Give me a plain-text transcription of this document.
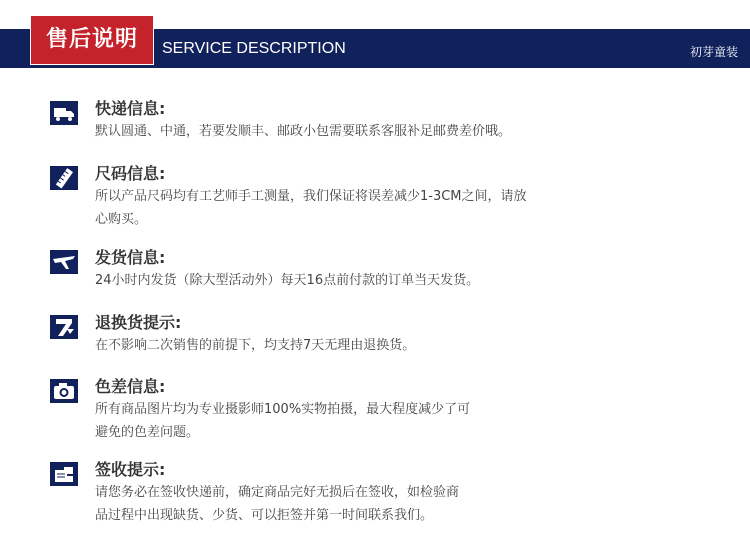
售后说明	SERVICE DESCRIPTION	初芽童装
快递信息:
默认圆通、中通，若要发顺丰、邮政小包需要联系客服补足邮费差价哦。
尺码信息:
所以产品尺码均有工艺师手工测量，我们保证将误差减少1-3CM之间，请放
心购买。
发货信息:
24小时内发货（除大型活动外）每天16点前付款的订单当天发货。
退换货提示:
在不影响二次销售的前提下，均支持7天无理由退换货。
色差信息:
所有商品图片均为专业摄影师100%实物拍摄，最大程度减少了可
避免的色差问题。
签收提示:
请您务必在签收快递前，确定商品完好无损后在签收，如检验商
品过程中出现缺货、少货、可以拒签并第一时间联系我们。
